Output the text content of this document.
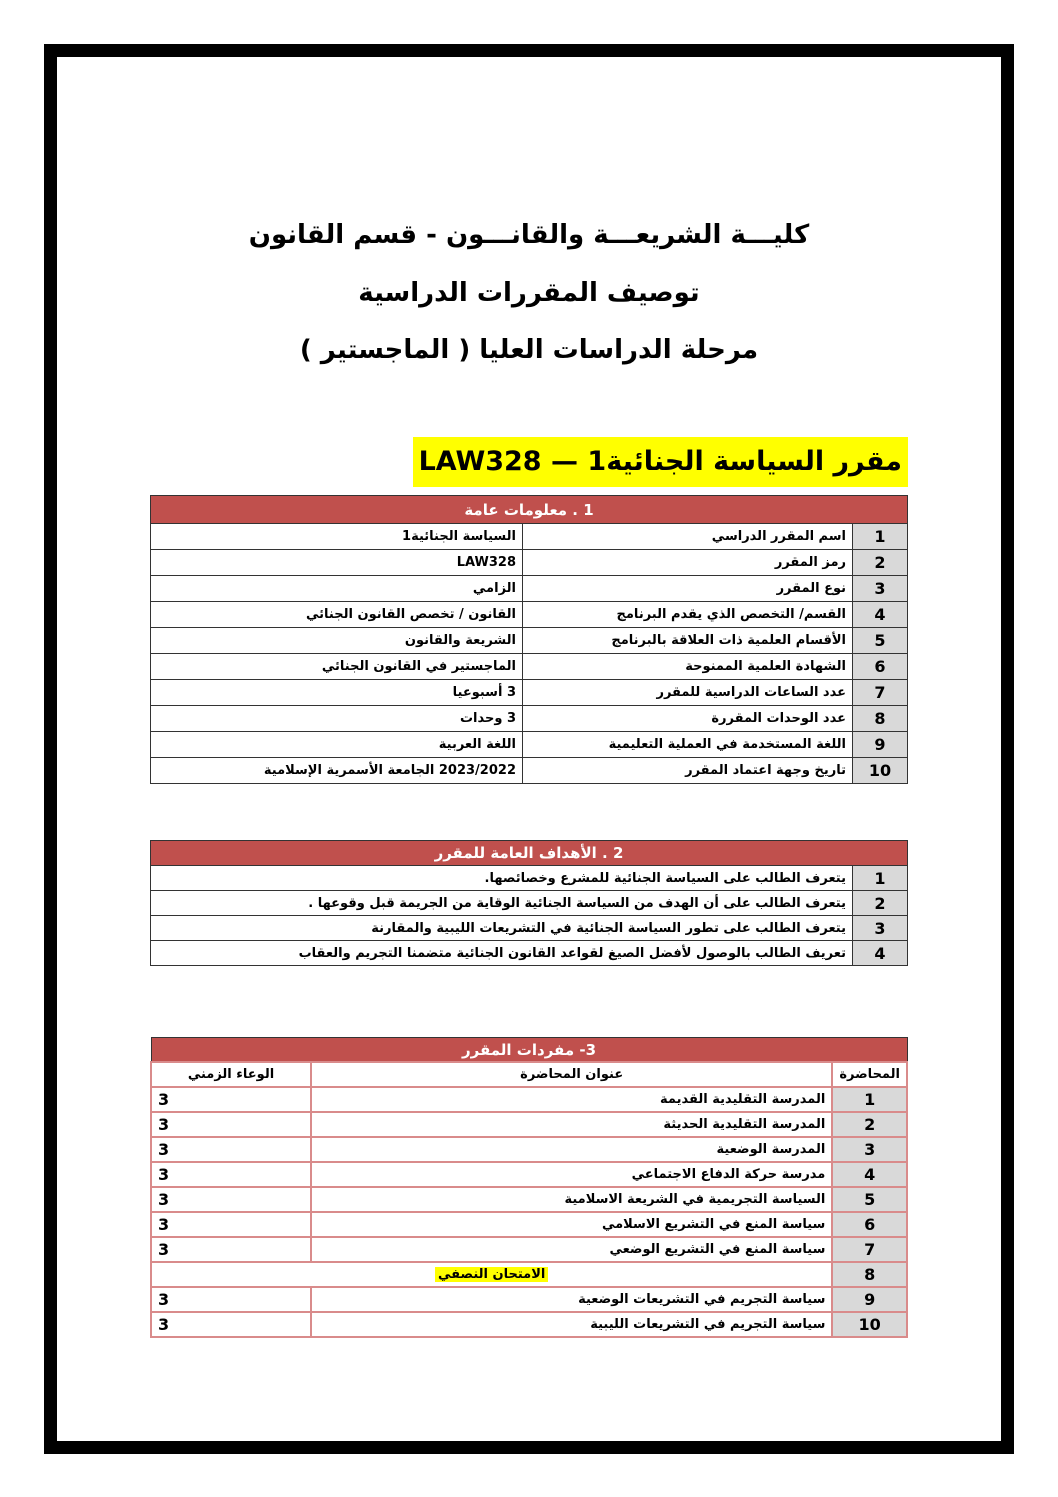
كليـــة الشريعـــة والقانـــون - قسم القانون
توصيف المقررات الدراسية
مرحلة الدراسات العليا ( الماجستير )
مقرر السياسة الجنائية1 — LAW328
1 . معلومات عامة		
1	اسم المقرر الدراسي	السياسة الجنائية1
2	رمز المقرر	LAW328
3	نوع المقرر	الزامي
4	القسم/ التخصص الذي يقدم البرنامج	القانون / تخصص القانون الجنائي
5	الأقسام العلمية ذات العلاقة بالبرنامج	الشريعة والقانون
6	الشهادة العلمية الممنوحة	الماجستير في القانون الجنائي
7	عدد الساعات الدراسية للمقرر	3 أسبوعيا
8	عدد الوحدات المقررة	3 وحدات
9	اللغة المستخدمة في العملية التعليمية	اللغة العربية
10	تاريخ وجهة اعتماد المقرر	2023/2022 الجامعة الأسمرية الإسلامية
2 . الأهداف العامة للمقرر	
1	يتعرف الطالب على السياسة الجنائية للمشرع وخصائصها.
2	يتعرف الطالب على أن الهدف من السياسة الجنائية الوقاية من الجريمة قبل وقوعها .
3	يتعرف الطالب على تطور السياسة الجنائية في التشريعات الليبية والمقارنة
4	تعريف الطالب بالوصول لأفضل الصيغ لقواعد القانون الجنائية متضمنا التجريم والعقاب
3- مفردات المقرر		
المحاضرة	عنوان المحاضرة	الوعاء الزمني
1	المدرسة التقليدية القديمة	3
2	المدرسة التقليدية الحديثة	3
3	المدرسة الوضعية	3
4	مدرسة حركة الدفاع الاجتماعي	3
5	السياسة التجريمية في الشريعة الاسلامية	3
6	سياسة المنع في التشريع الاسلامي	3
7	سياسة المنع في التشريع الوضعي	3
8	الامتحان النصفي	
9	سياسة التجريم في التشريعات الوضعية	3
10	سياسة التجريم في التشريعات الليبية	3
